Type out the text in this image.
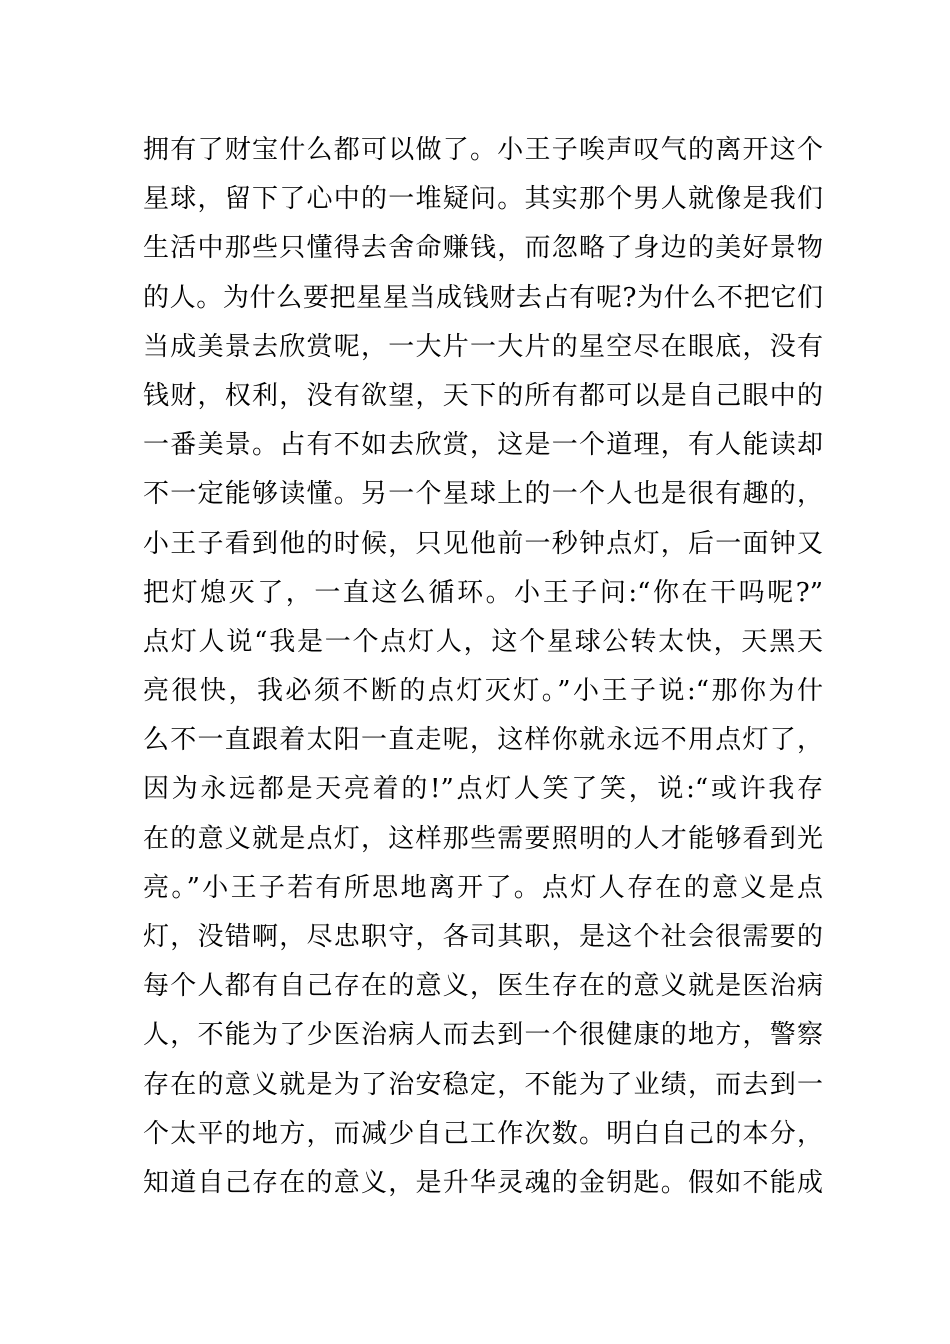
拥有了财宝什么都可以做了。小王子唉声叹气的离开这个
星球，留下了心中的一堆疑问。其实那个男人就像是我们
生活中那些只懂得去舍命赚钱，而忽略了身边的美好景物
的人。为什么要把星星当成钱财去占有呢?为什么不把它们
当成美景去欣赏呢，一大片一大片的星空尽在眼底，没有
钱财，权利，没有欲望，天下的所有都可以是自己眼中的
一番美景。占有不如去欣赏，这是一个道理，有人能读却
不一定能够读懂。另一个星球上的一个人也是很有趣的，
小王子看到他的时候，只见他前一秒钟点灯，后一面钟又
把灯熄灭了，一直这么循环。小王子问:“你在干吗呢?”
点灯人说“我是一个点灯人，这个星球公转太快，天黑天
亮很快，我必须不断的点灯灭灯。”小王子说:“那你为什
么不一直跟着太阳一直走呢，这样你就永远不用点灯了，
因为永远都是天亮着的!”点灯人笑了笑，说:“或许我存
在的意义就是点灯，这样那些需要照明的人才能够看到光
亮。”小王子若有所思地离开了。点灯人存在的意义是点
灯，没错啊，尽忠职守，各司其职，是这个社会很需要的
每个人都有自己存在的意义，医生存在的意义就是医治病
人，不能为了少医治病人而去到一个很健康的地方，警察
存在的意义就是为了治安稳定，不能为了业绩，而去到一
个太平的地方，而减少自己工作次数。明白自己的本分，
知道自己存在的意义，是升华灵魂的金钥匙。假如不能成
